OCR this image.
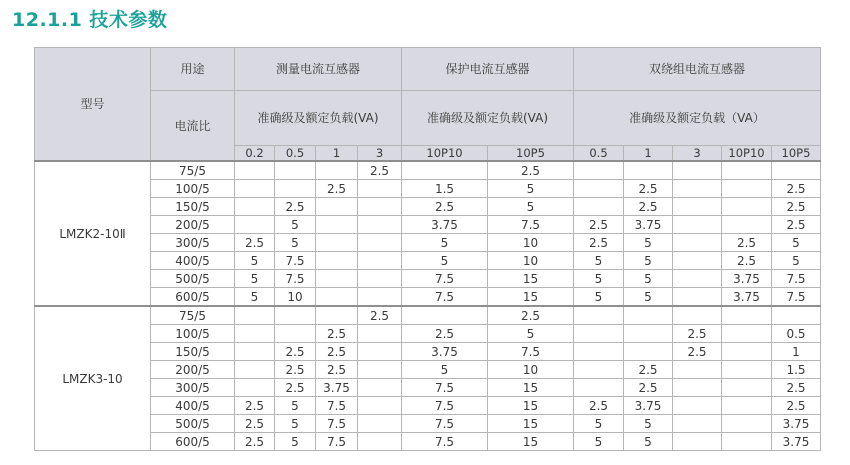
12.1.1 技术参数
型号	用途	测量电流互感器				保护电流互感器		双绕组电流互感器				
	电流比	准确级及额定负载(VA)				准确级及额定负载(VA)		准确级及额定负载（VA）				
		0.2	0.5	1	3	10P10	10P5	0.5	1	3	10P10	10P5
LMZK2-10Ⅱ	75/5				2.5		2.5					
	100/5			2.5		1.5	5		2.5			2.5
	150/5		2.5			2.5	5		2.5			2.5
	200/5		5			3.75	7.5	2.5	3.75			2.5
	300/5	2.5	5			5	10	2.5	5		2.5	5
	400/5	5	7.5			5	10	5	5		2.5	5
	500/5	5	7.5			7.5	15	5	5		3.75	7.5
	600/5	5	10			7.5	15	5	5		3.75	7.5
LMZK3-10	75/5				2.5		2.5					
	100/5			2.5		2.5	5			2.5		0.5
	150/5		2.5	2.5		3.75	7.5			2.5		1
	200/5		2.5	2.5		5	10		2.5			1.5
	300/5		2.5	3.75		7.5	15		2.5			2.5
	400/5	2.5	5	7.5		7.5	15	2.5	3.75			2.5
	500/5	2.5	5	7.5		7.5	15	5	5			3.75
	600/5	2.5	5	7.5		7.5	15	5	5			3.75
